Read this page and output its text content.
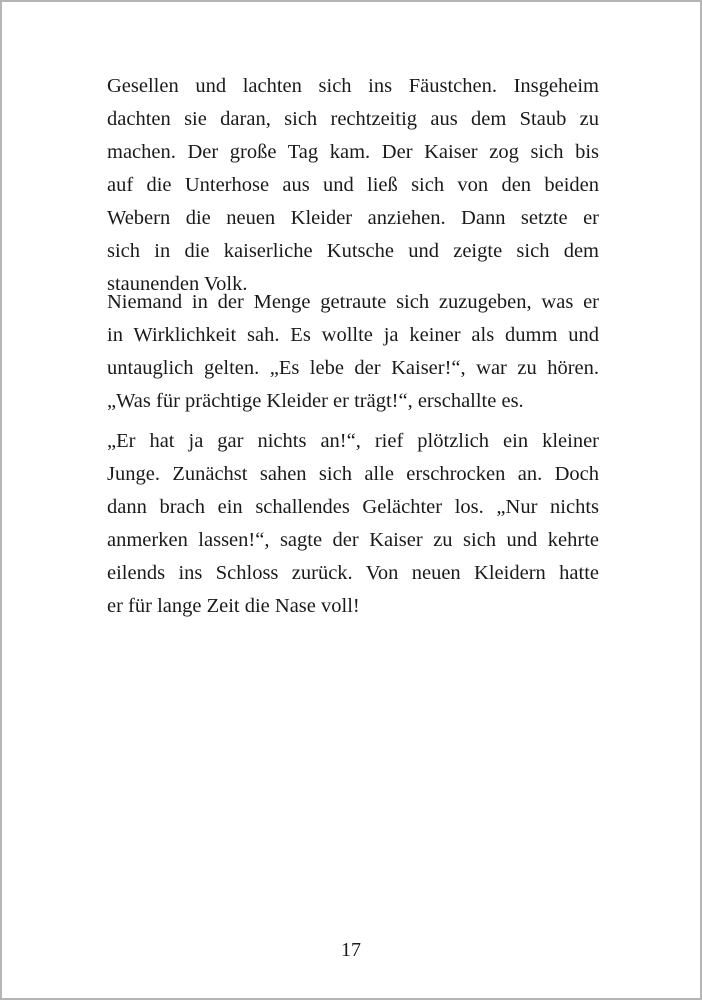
Gesellen und lachten sich ins Fäustchen. Insgeheim
dachten sie daran, sich rechtzeitig aus dem Staub zu
machen. Der große Tag kam. Der Kaiser zog sich bis
auf die Unterhose aus und ließ sich von den beiden
Webern die neuen Kleider anziehen. Dann setzte er
sich in die kaiserliche Kutsche und zeigte sich dem
staunenden Volk.
Niemand in der Menge getraute sich zuzugeben, was er
in Wirklichkeit sah. Es wollte ja keiner als dumm und
untauglich gelten. „Es lebe der Kaiser!“, war zu hören.
„Was für prächtige Kleider er trägt!“, erschallte es.
„Er hat ja gar nichts an!“, rief plötzlich ein kleiner
Junge. Zunächst sahen sich alle erschrocken an. Doch
dann brach ein schallendes Gelächter los. „Nur nichts
anmerken lassen!“, sagte der Kaiser zu sich und kehrte
eilends ins Schloss zurück. Von neuen Kleidern hatte
er für lange Zeit die Nase voll!
17
